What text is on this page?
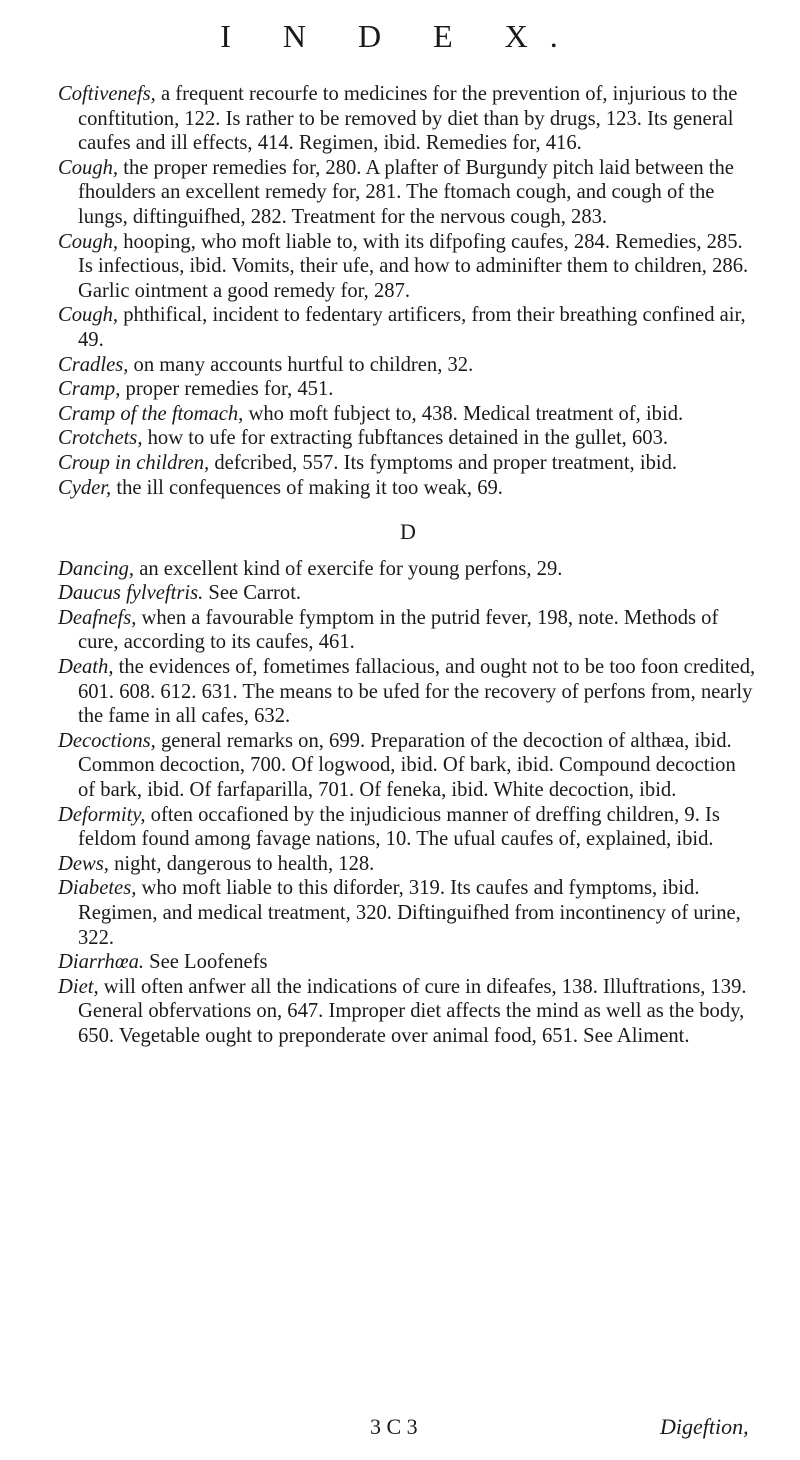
I N D E X.

Coftivenefs, a frequent recourfe to medicines for the prevention of, injurious to the conftitution, 122. Is rather to be removed by diet than by drugs, 123. Its general caufes and ill effects, 414. Regimen, ibid. Remedies for, 416.

Cough, the proper remedies for, 280. A plafter of Burgundy pitch laid between the fhoulders an excellent remedy for, 281. The ftomach cough, and cough of the lungs, diftinguifhed, 282. Treatment for the nervous cough, 283.

Cough, hooping, who moft liable to, with its difpofing caufes, 284. Remedies, 285. Is infectious, ibid. Vomits, their ufe, and how to adminifter them to children, 286. Garlic ointment a good remedy for, 287.

Cough, phthifical, incident to fedentary artificers, from their breathing confined air, 49.

Cradles, on many accounts hurtful to children, 32.

Cramp, proper remedies for, 451.

Cramp of the ftomach, who moft fubject to, 438. Medical treatment of, ibid.

Crotchets, how to ufe for extracting fubftances detained in the gullet, 603.

Croup in children, defcribed, 557. Its fymptoms and proper treatment, ibid.

Cyder, the ill confequences of making it too weak, 69.

D

Dancing, an excellent kind of exercife for young perfons, 29.

Daucus fylveftris. See Carrot.

Deafnefs, when a favourable fymptom in the putrid fever, 198, note. Methods of cure, according to its caufes, 461.

Death, the evidences of, fometimes fallacious, and ought not to be too foon credited, 601. 608. 612. 631. The means to be ufed for the recovery of perfons from, nearly the fame in all cafes, 632.

Decoctions, general remarks on, 699. Preparation of the decoction of althæa, ibid. Common decoction, 700. Of logwood, ibid. Of bark, ibid. Compound decoction of bark, ibid. Of farfaparilla, 701. Of feneka, ibid. White decoction, ibid.

Deformity, often occafioned by the injudicious manner of dreffing children, 9. Is feldom found among favage nations, 10. The ufual caufes of, explained, ibid.

Dews, night, dangerous to health, 128.

Diabetes, who moft liable to this diforder, 319. Its caufes and fymptoms, ibid. Regimen, and medical treatment, 320. Diftinguifhed from incontinency of urine, 322.

Diarrhœa. See Loofenefs

Diet, will often anfwer all the indications of cure in difeafes, 138. Illuftrations, 139. General obfervations on, 647. Improper diet affects the mind as well as the body, 650. Vegetable ought to preponderate over animal food, 651. See Aliment.

3 C 3	Digeftion,
